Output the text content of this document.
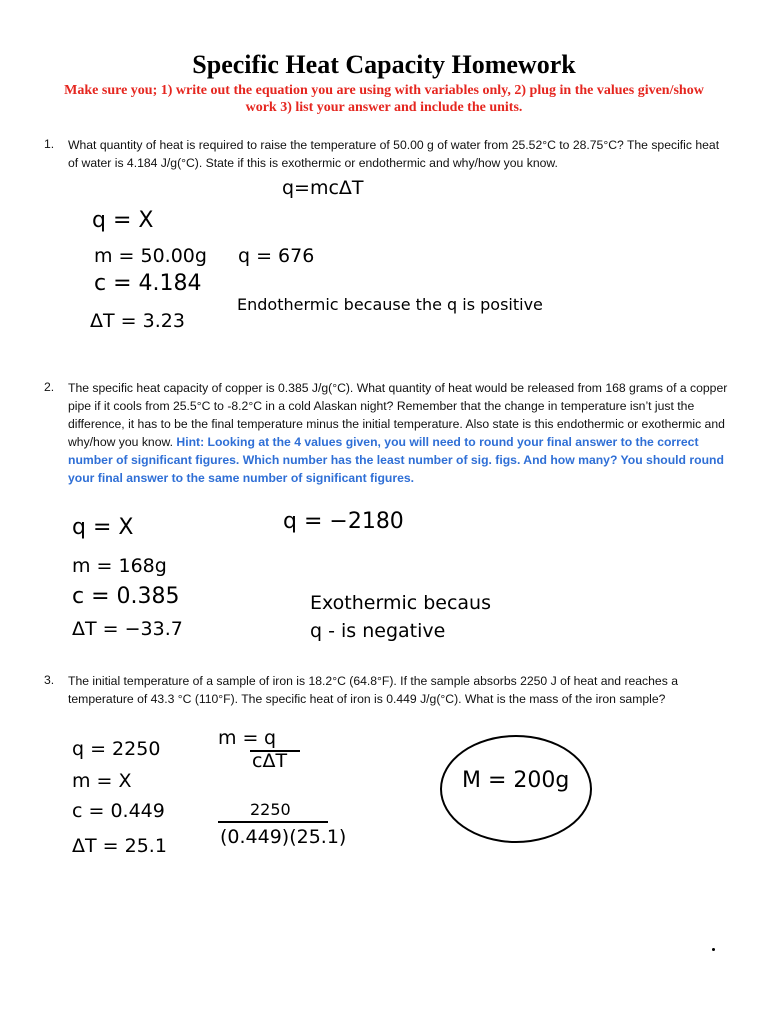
Specific Heat Capacity Homework
Make sure you; 1) write out the equation you are using with variables only, 2) plug in the values given/show work 3) list your answer and include the units.
1. What quantity of heat is required to raise the temperature of 50.00 g of water from 25.52°C to 28.75°C? The specific heat of water is 4.184 J/g(°C). State if this is exothermic or endothermic and why/how you know.
q=mcΔT
q = X
m = 50.00g
c = 4.184
ΔT = 3.23
q = 676
Endothermic because the q is positive
2. The specific heat capacity of copper is 0.385 J/g(°C). What quantity of heat would be released from 168 grams of a copper pipe if it cools from 25.5°C to -8.2°C in a cold Alaskan night? Remember that the change in temperature isn’t just the difference, it has to be the final temperature minus the initial temperature. Also state is this endothermic or exothermic and why/how you know. Hint: Looking at the 4 values given, you will need to round your final answer to the correct number of significant figures. Which number has the least number of sig. figs. And how many? You should round your final answer to the same number of significant figures.
q = X
m = 168g
c = 0.385
ΔT = −33.7
q = −2180
Exothermic becaus
q - is negative
3. The initial temperature of a sample of iron is 18.2°C (64.8°F). If the sample absorbs 2250 J of heat and reaches a temperature of 43.3 °C (110°F). The specific heat of iron is 0.449 J/g(°C). What is the mass of the iron sample?
q = 2250
m = X
c = 0.449
ΔT = 25.1
m = q
cΔT
2250
(0.449)(25.1)
M = 200g
